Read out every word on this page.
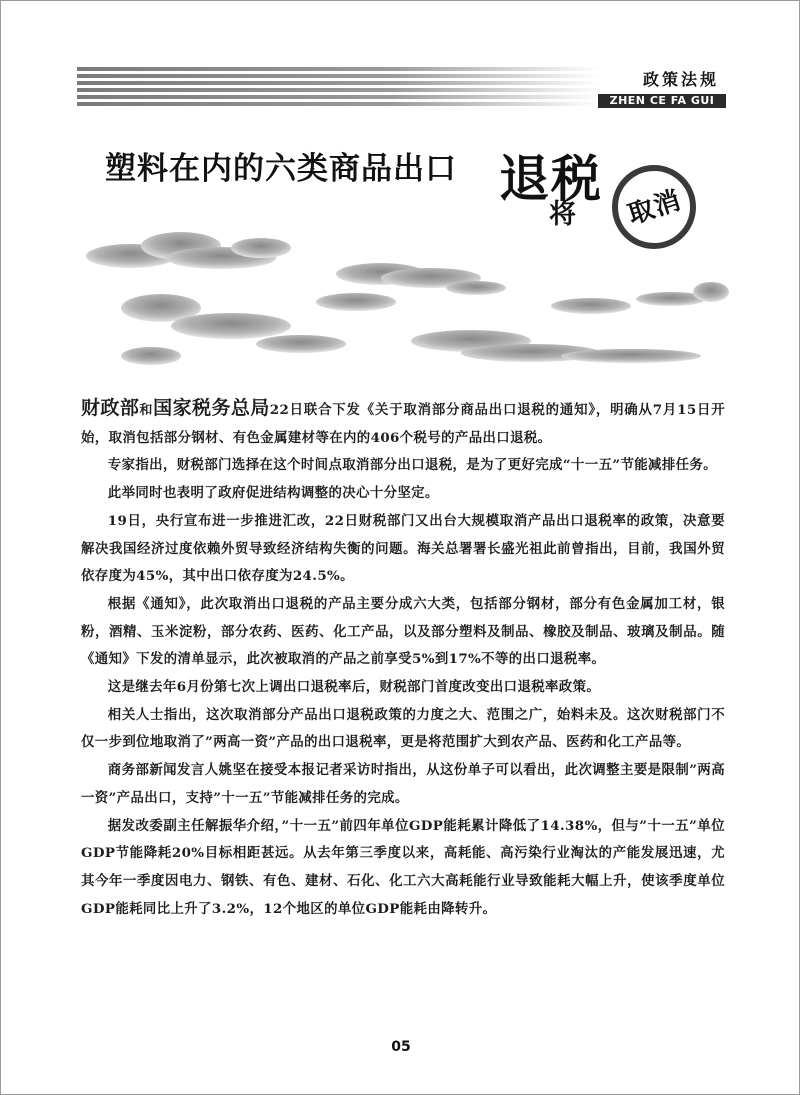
政策法规
ZHEN CE FA GUI
塑料在内的六类商品出口 退税
将	取消

财政部和国家税务总局22日联合下发《关于取消部分商品出口退税的通知》，明确从7月15日开始，取消包括部分钢材、有色金属建材等在内的406个税号的产品出口退税。

专家指出，财税部门选择在这个时间点取消部分出口退税，是为了更好完成“十一五”节能减排任务。

此举同时也表明了政府促进结构调整的决心十分坚定。

19日，央行宣布进一步推进汇改，22日财税部门又出台大规模取消产品出口退税率的政策，决意要解决我国经济过度依赖外贸导致经济结构失衡的问题。海关总署署长盛光祖此前曾指出，目前，我国外贸依存度为45%，其中出口依存度为24.5%。

根据《通知》，此次取消出口退税的产品主要分成六大类，包括部分钢材，部分有色金属加工材，银粉，酒精、玉米淀粉，部分农药、医药、化工产品，以及部分塑料及制品、橡胶及制品、玻璃及制品。随《通知》下发的清单显示，此次被取消的产品之前享受5%到17%不等的出口退税率。

这是继去年6月份第七次上调出口退税率后，财税部门首度改变出口退税率政策。

相关人士指出，这次取消部分产品出口退税政策的力度之大、范围之广，始料未及。这次财税部门不仅一步到位地取消了”两高一资”产品的出口退税率，更是将范围扩大到农产品、医药和化工产品等。

商务部新闻发言人姚坚在接受本报记者采访时指出，从这份单子可以看出，此次调整主要是限制”两高一资”产品出口，支持”十一五”节能减排任务的完成。

据发改委副主任解振华介绍，”十一五”前四年单位GDP能耗累计降低了14.38%，但与”十一五”单位GDP节能降耗20%目标相距甚远。从去年第三季度以来，高耗能、高污染行业淘汰的产能发展迅速，尤其今年一季度因电力、钢铁、有色、建材、石化、化工六大高耗能行业导致能耗大幅上升，使该季度单位GDP能耗同比上升了3.2%，12个地区的单位GDP能耗由降转升。

05
